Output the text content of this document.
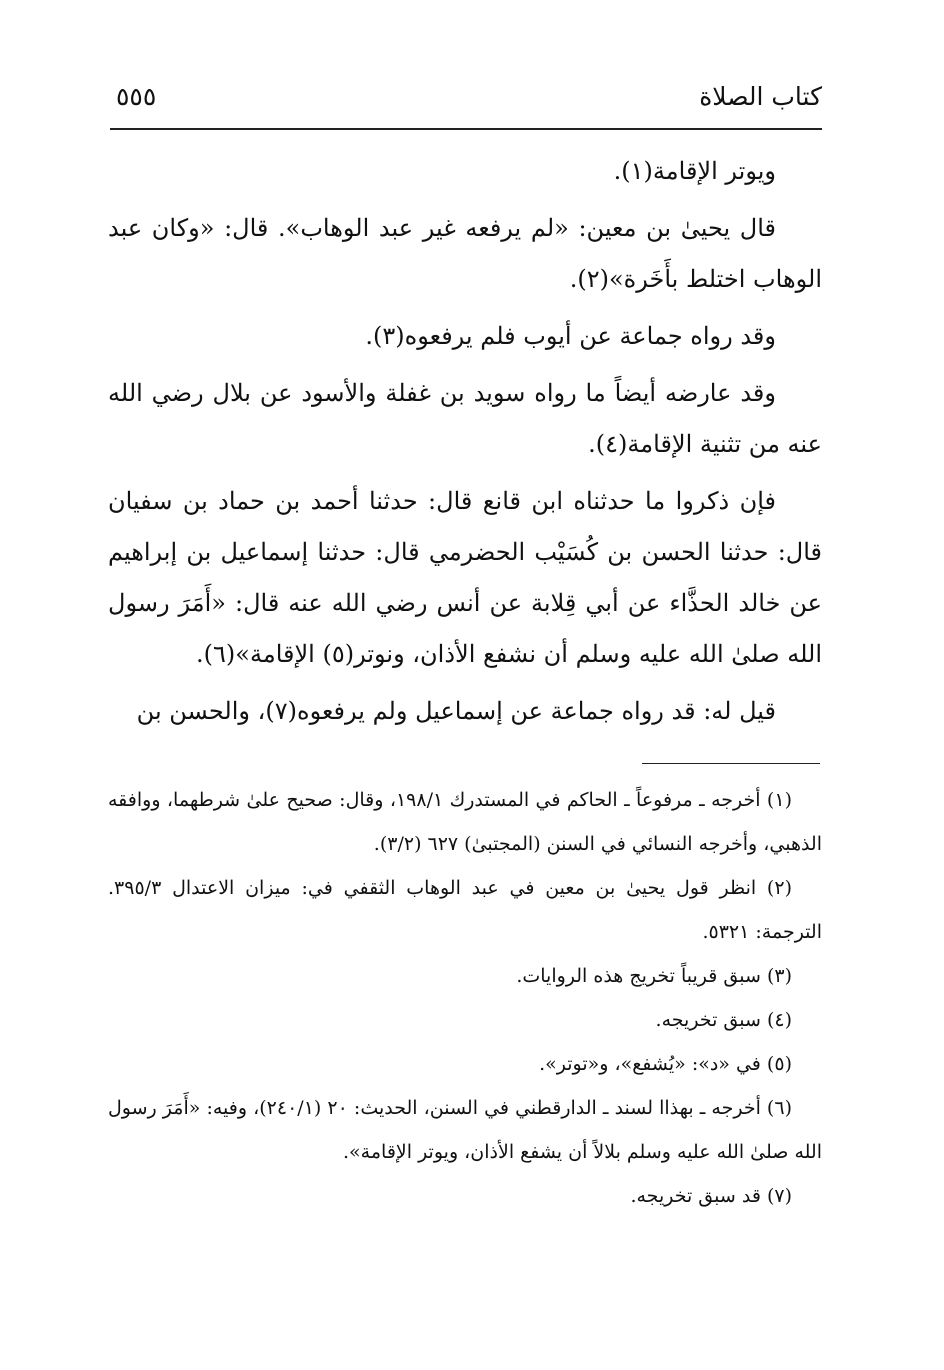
كتاب الصلاة
٥٥٥

ويوتر الإقامة(١).

قال يحيىٰ بن معين: «لم يرفعه غير عبد الوهاب». قال: «وكان عبد الوهاب اختلط بأَخَرة»(٢).

وقد رواه جماعة عن أيوب فلم يرفعوه(٣).

وقد عارضه أيضاً ما رواه سويد بن غفلة والأسود عن بلال رضي الله عنه من تثنية الإقامة(٤).

فإن ذكروا ما حدثناه ابن قانع قال: حدثنا أحمد بن حماد بن سفيان قال: حدثنا الحسن بن كُسَيْب الحضرمي قال: حدثنا إسماعيل بن إبراهيم عن خالد الحذَّاء عن أبي قِلابة عن أنس رضي الله عنه قال: «أَمَرَ رسول الله صلىٰ الله عليه وسلم أن نشفع الأذان، ونوتر(٥) الإقامة»(٦).

قيل له: قد رواه جماعة عن إسماعيل ولم يرفعوه(٧)، والحسن بن

(١) أخرجه ـ مرفوعاً ـ الحاكم في المستدرك ١٩٨/١، وقال: صحيح علىٰ شرطهما، ووافقه الذهبي، وأخرجه النسائي في السنن (المجتبىٰ) ٦٢٧ (٣/٢).

(٢) انظر قول يحيىٰ بن معين في عبد الوهاب الثقفي في: ميزان الاعتدال ٣٩٥/٣. الترجمة: ٥٣٢١.

(٣) سبق قريباً تخريج هذه الروايات.

(٤) سبق تخريجه.

(٥) في «د»: «يُشفع»، و«توتر».

(٦) أخرجه ـ بهذاا لسند ـ الدارقطني في السنن، الحديث: ٢٠ (٢٤٠/١)، وفيه: «أَمَرَ رسول الله صلىٰ الله عليه وسلم بلالاً أن يشفع الأذان، ويوتر الإقامة».

(٧) قد سبق تخريجه.
